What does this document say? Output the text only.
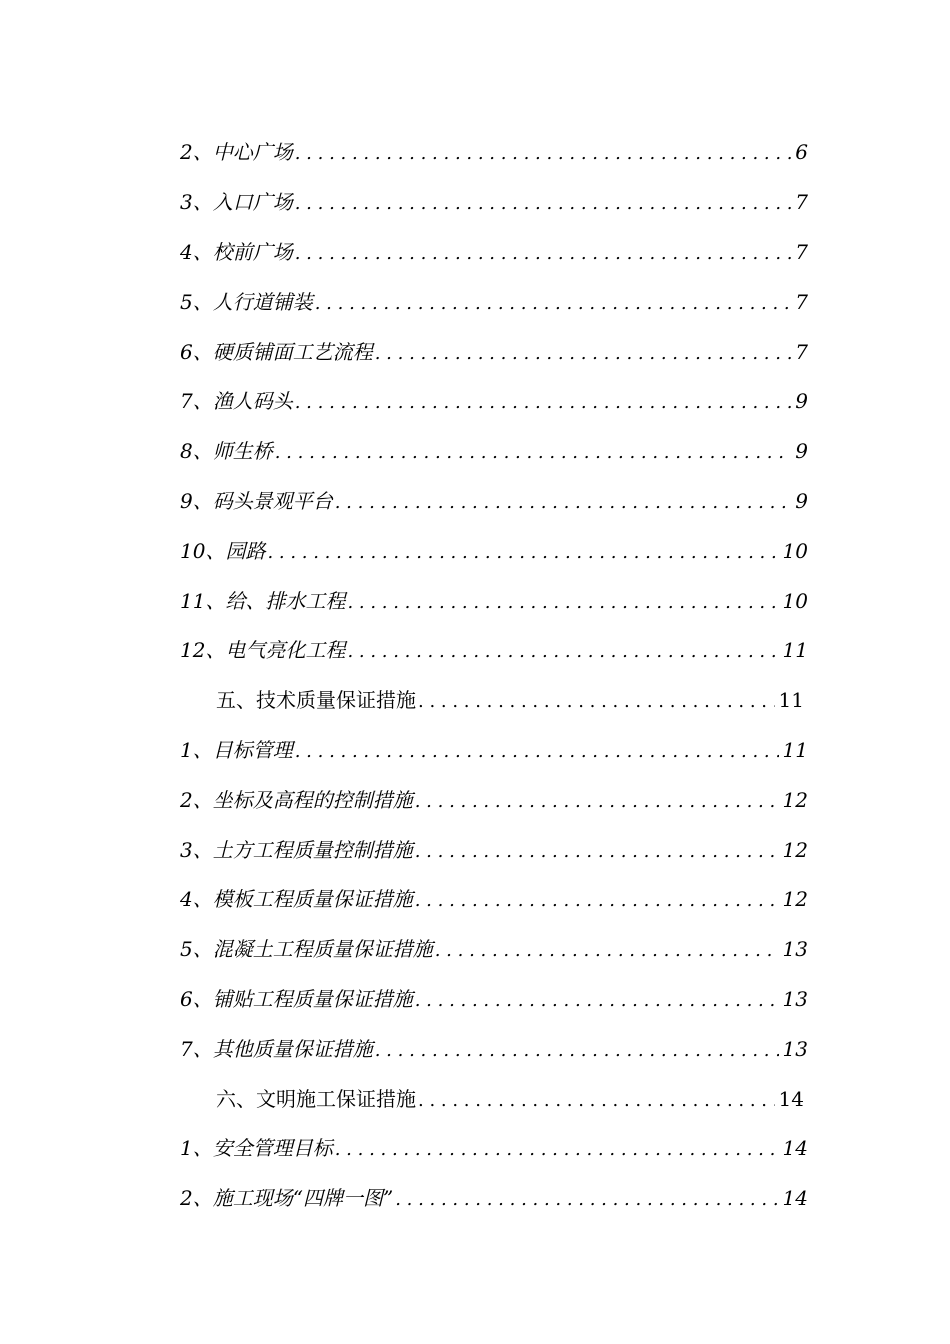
2、中心广场 . . .	6
3、入口广场 . . .	7
4、校前广场 . . .	7
5、人行道铺装 . . .	7
6、硬质铺面工艺流程 . . .	7
7、渔人码头 . . .	9
8、师生桥 . . .	9
9、码头景观平台 . . .	9
10、园路 . . .	10
11、给、排水工程 . . .	10
12、电气亮化工程 . . .	11
五、技术质量保证措施 . . .	11
1、目标管理 . . .	11
2、坐标及高程的控制措施 . . .	12
3、土方工程质量控制措施 . . .	12
4、模板工程质量保证措施 . . .	12
5、混凝土工程质量保证措施 . . .	13
6、铺贴工程质量保证措施 . . .	13
7、其他质量保证措施 . . .	13
六、文明施工保证措施 . . .	14
1、安全管理目标 . . .	14
2、施工现场“四牌一图” . . .	14
